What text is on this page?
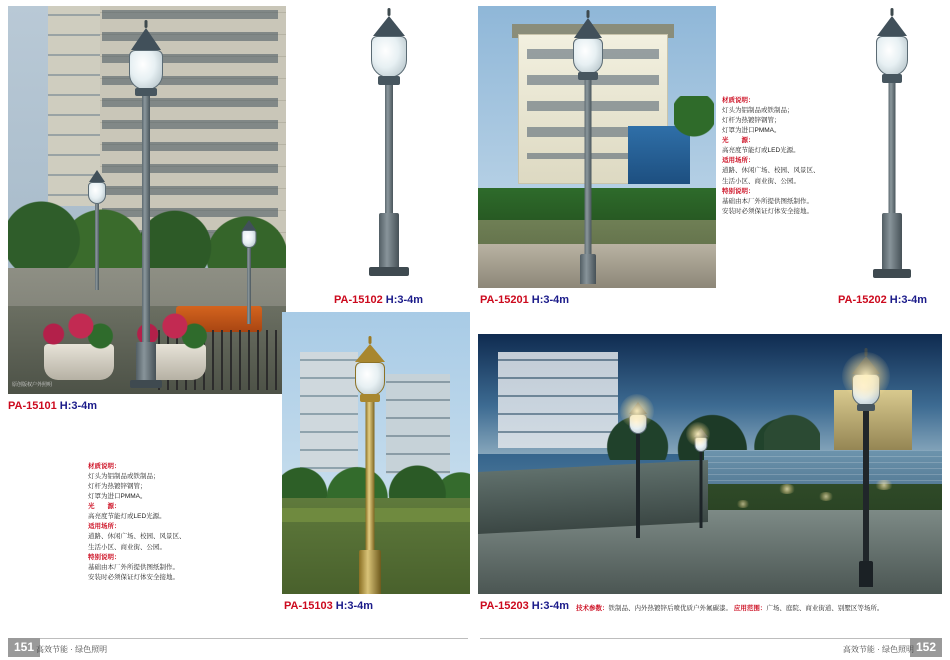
原创版权户外照明
PA-15101 H:3-4m
材质说明：
灯头为铝制品或铁制品；
灯杆为热镀锌钢管；
灯罩为进口PMMA。
光　　源：
高亮度节能灯或LED光源。
适用场所：
道路、休闲广场、校园、风景区、
生活小区、商业街、公园。
特别说明：
基础由本厂外所提供图纸制作。
安装时必须保证灯体安全接地。
PA-15102 H:3-4m	PA-15201 H:3-4m
材质说明：
灯头为铝制品或铁制品；
灯杆为热镀锌钢管；
灯罩为进口PMMA。
光　　源：
高亮度节能灯或LED光源。
适用场所：
道路、休闲广场、校园、风景区、
生活小区、商业街、公园。
特别说明：
基础由本厂外所提供图纸制作。
安装时必须保证灯体安全接地。
PA-15202 H:3-4m
PA-15103 H:3-4m	PA-15203 H:3-4m 技术参数：铁制品、内外热镀锌后喷优质户外氟碳漆。 应用范围：广场、庭院、商业街道、别墅区等场所。
151 高效节能 · 绿色照明	152
高效节能 · 绿色照明
